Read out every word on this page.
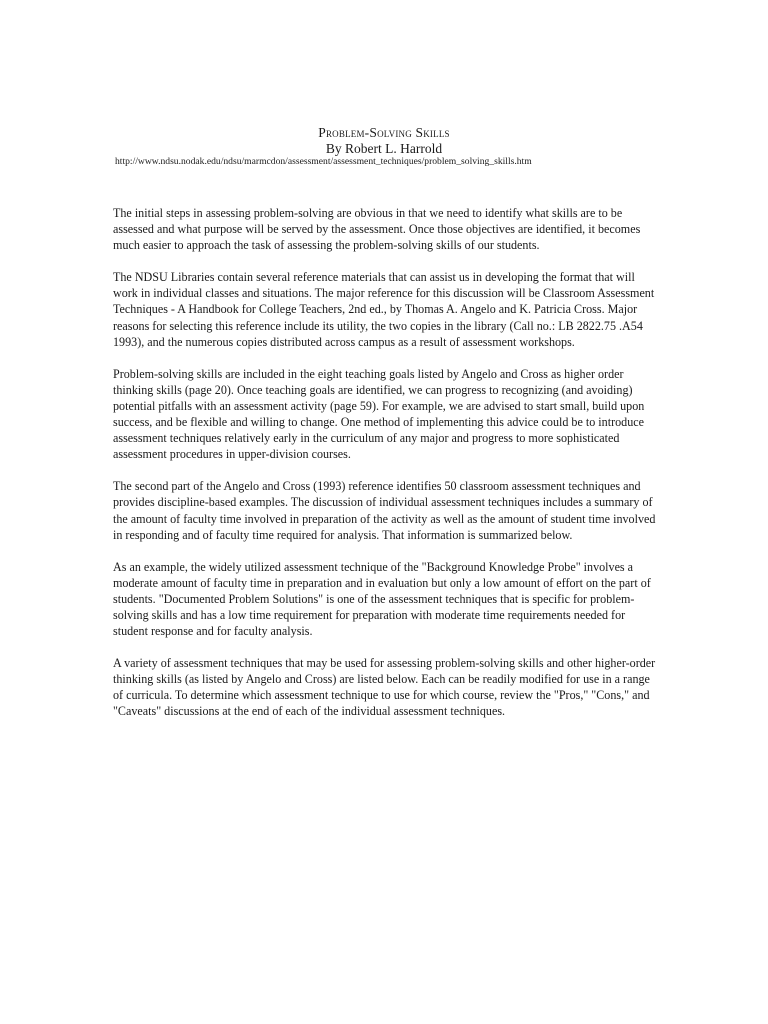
Problem-Solving Skills
By Robert L. Harrold
http://www.ndsu.nodak.edu/ndsu/marmcdon/assessment/assessment_techniques/problem_solving_skills.htm

The initial steps in assessing problem-solving are obvious in that we need to identify what skills are to be assessed and what purpose will be served by the assessment. Once those objectives are identified, it becomes much easier to approach the task of assessing the problem-solving skills of our students.

The NDSU Libraries contain several reference materials that can assist us in developing the format that will work in individual classes and situations. The major reference for this discussion will be Classroom Assessment Techniques - A Handbook for College Teachers, 2nd ed., by Thomas A. Angelo and K. Patricia Cross. Major reasons for selecting this reference include its utility, the two copies in the library (Call no.: LB 2822.75 .A54 1993), and the numerous copies distributed across campus as a result of assessment workshops.

Problem-solving skills are included in the eight teaching goals listed by Angelo and Cross as higher order thinking skills (page 20). Once teaching goals are identified, we can progress to recognizing (and avoiding) potential pitfalls with an assessment activity (page 59). For example, we are advised to start small, build upon success, and be flexible and willing to change. One method of implementing this advice could be to introduce assessment techniques relatively early in the curriculum of any major and progress to more sophisticated assessment procedures in upper-division courses.

The second part of the Angelo and Cross (1993) reference identifies 50 classroom assessment techniques and provides discipline-based examples. The discussion of individual assessment techniques includes a summary of the amount of faculty time involved in preparation of the activity as well as the amount of student time involved in responding and of faculty time required for analysis. That information is summarized below.

As an example, the widely utilized assessment technique of the "Background Knowledge Probe" involves a moderate amount of faculty time in preparation and in evaluation but only a low amount of effort on the part of students. "Documented Problem Solutions" is one of the assessment techniques that is specific for problem-solving skills and has a low time requirement for preparation with moderate time requirements needed for student response and for faculty analysis.

A variety of assessment techniques that may be used for assessing problem-solving skills and other higher-order thinking skills (as listed by Angelo and Cross) are listed below. Each can be readily modified for use in a range of curricula. To determine which assessment technique to use for which course, review the "Pros," "Cons," and "Caveats" discussions at the end of each of the individual assessment techniques.
